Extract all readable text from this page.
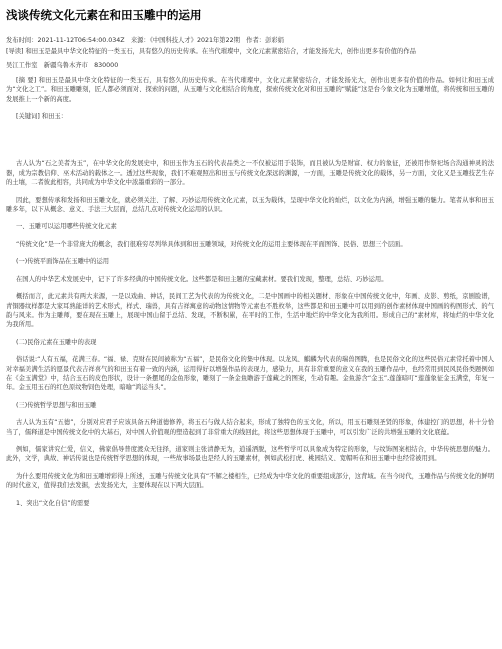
浅谈传统文化元素在和田玉雕中的运用
发布时间：2021-11-12T06:54:00.034Z　来源：《中国科技人才》2021年第22期　作者：彭彩娟

[导读] 和田玉是最具中华文化特征的一类玉石，具有悠久的历史传承。在当代璀璨中，文化元素紧密结合，才能发扬光大，创作出更多有价值的作品

吴江工作室　新疆乌鲁木齐市　830000

[摘 要] 和田玉是最具中华文化特征的一类玉石，具有悠久的历史传承。在当代璀璨中，文化元素紧密结合，才能发扬光大，创作出更多有价值的作品。如何让和田玉成为“文化之工”。和田玉雕雕刻，匠人都必须面对、探索的问题，从玉雕与文化相结合的角度，探索传统文化对和田玉雕的“赋能”这是台今象文化为玉雕增值，将传统和田玉雕的发展推上一个新的高度。

[关键词] 和田玉：

古人认为“石之美者为玉”，在中华文化的发展史中，和田玉作为玉石的代表品类之一不仅被运用于装饰，而且被认为是财富、权力的象征，还被用作祭祀场合沟通神灵的法器，成为宗教信仰、巫术活动的载体之一。透过这些现象，我们不难观照出和田玉与传统文化深远的渊源，一方面，玉雕是传统文化的载体，另一方面，文化又是玉雕技艺生存的土壤，二者彼此相容，共同成为中华文化中浓墨重彩的一部分。

因此，要想传承和发扬和田玉雕文化，就必须关注、了解、巧妙运用传统文化元素，以玉为载体，呈现中华文化的灿烂，以文化为内涵，增强玉雕的魅力。笔者从事和田玉雕多年，以下从概念、意义、手法三大层面，总结几点对传统文化运用的认识。

一、玉雕可以运用哪些传统文化元素

“传统文化”是一个非常庞大的概念，我们很难穷尽列举具体到和田玉雕领域，对传统文化的运用主要体现在平面图饰、民俗、思想三个层面。

(一)传统平面饰品在玉雕中的运用

在国人的中华艺术发展史中，记下了许多经典的中国传统文化。这些都是和田主题的宝藏素材。要我们发现，整理，总结、巧妙运用。

概括而言，此元素共有两大来源，一是以戏曲、神话，民间工艺为代表的为传统文化，二是中国画中的相关题材、形象在中国传统文化中，年画、皮影、剪纸，京剧脸谱，青铜器纹样都是大家耳熟能详的艺术形式，样式、瑞兽，具有吉祥寓意的动物这情物等元素也不胜枚举，这些都是和田玉雕中可以用到的创作素材体现中国画的构图形式、的气韵与风来。作为主雕师，要在现在玉雕上，展现中国山留于总结、发现，不断积累，在平时的工作，生活中地烂的中华文化为我所用。形成自己的“素材库，将灿烂的中华文化为我所用。

(二)民俗元素在玉雕中的表现

俗话说:“人有五福，花满三春。“福、禄、克财在民间被称为“五福”，是民俗文化的集中体现。以龙凤、麒麟为代表的瑞兽图腾，也是民俗文化的这些民俗元素常托着中国人对幸福美满生活的愿景代表吉祥喜气的和田玉有着一致的内涵，运用得好以增强作品的表现力，感染力，具有非常重要的意义在我的玉雕作品中，也经常用到民风民俗类题例如在《金玉满堂》中，结合玉石的皮色形状，设计一条摆尾的金鱼形象，雕刻了一条金鱼瞻游于莲藏之的图案，生动有趣。金鱼游含“金玉”,莲蓬暗叮“莲蓬象征金玉满堂，年复一年。金玉用玉石的红色原纹物饲色处理，暗喻“鸿运当头”。

(三)传统哲学思想与和田玉雕

古人认为玉有“五德”，分别对应君子应该具备五种道德修养，将玉石与做人结合起来，形成了独特色的玉文化，所以，用玉石雕刻圣贤的形象，体建控门的思想，朴十分恰当了，儒释道是中国传统文化中的大基石，对中国人价值观的塑造起到了非常重大的线回此，将这些思想体现于玉雕中，可以引发广泛的共增强玉雕的文化底蕴。

例如，儒家讲究仁爱，信义，佛家倡导普度渡众无往择，道家则主张清静无为，逍遥洒脱，这些哲学可以具象成为特定的形象，与纹饰图案相结合，中华传统思想的魅力。此外，文学，典故、神话传说也是传统哲学思想的体现，一些故事场景也是经人的玉雕素材，例如武松打虎、桃园结义、宽帽听在和田玉雕中也经常被用到。

为什么要用传统文化为和田玉雕增彩得上所述，玉雕与传统文化具有“不解之楼相生，已经成为中华文化的重要组成部分，这背域。在当今时代，玉雕作品与传统文化的鲜明的时代意义，值得我们去发掘，去发扬光大，主要体现在以下两大层面。

1、突出“文化自信”的需要
